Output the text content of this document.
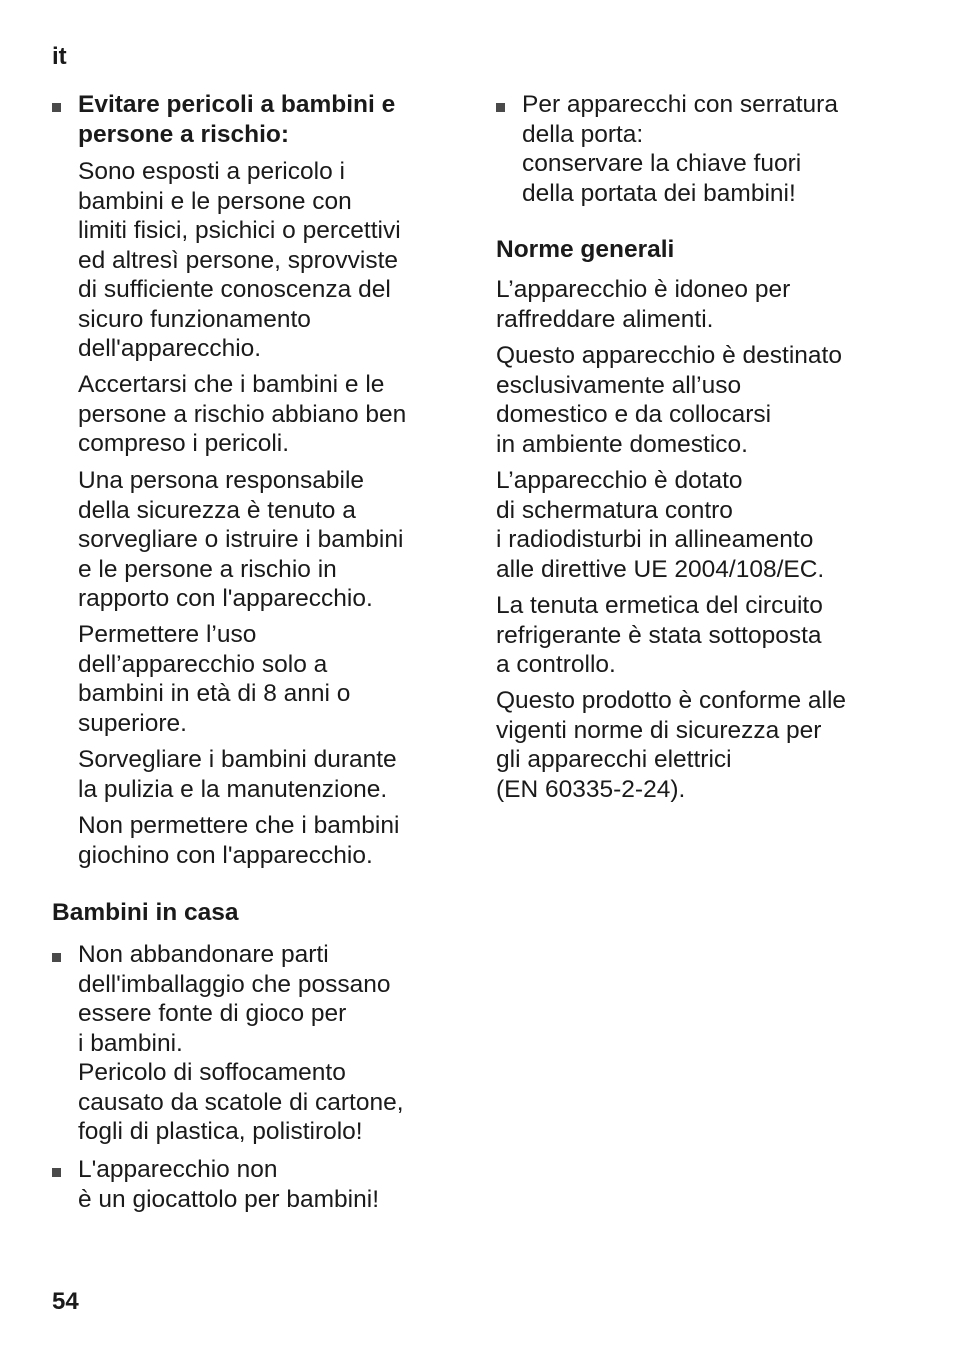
it
Evitare pericoli a bambini e
persone a rischio:
Sono esposti a pericolo i
bambini e le persone con
limiti fisici, psichici o percettivi
ed altresì persone, sprovviste
di sufficiente conoscenza del
sicuro funzionamento
dell'apparecchio.
Accertarsi che i bambini e le
persone a rischio abbiano ben
compreso i pericoli.
Una persona responsabile
della sicurezza è tenuto a
sorvegliare o istruire i bambini
e le persone a rischio in
rapporto con l'apparecchio.
Permettere l’uso
dell’apparecchio solo a
bambini in età di 8 anni o
superiore.
Sorvegliare i bambini durante
la pulizia e la manutenzione.
Non permettere che i bambini
giochino con l'apparecchio.
Bambini in casa
Non abbandonare parti
dell'imballaggio che possano
essere fonte di gioco per
i bambini.
Pericolo di soffocamento
causato da scatole di cartone,
fogli di plastica, polistirolo!
L'apparecchio non
è un giocattolo per bambini!
Per apparecchi con serratura
della porta:
conservare la chiave fuori
della portata dei bambini!
Norme generali
L’apparecchio è idoneo per
raffreddare alimenti.
Questo apparecchio è destinato
esclusivamente all’uso
domestico e da collocarsi
in ambiente domestico.
L’apparecchio è dotato
di schermatura contro
i radiodisturbi in allineamento
alle direttive UE 2004/108/EC.
La tenuta ermetica del circuito
refrigerante è stata sottoposta
a controllo.
Questo prodotto è conforme alle
vigenti norme di sicurezza per
gli apparecchi elettrici
(EN 60335-2-24).
54
